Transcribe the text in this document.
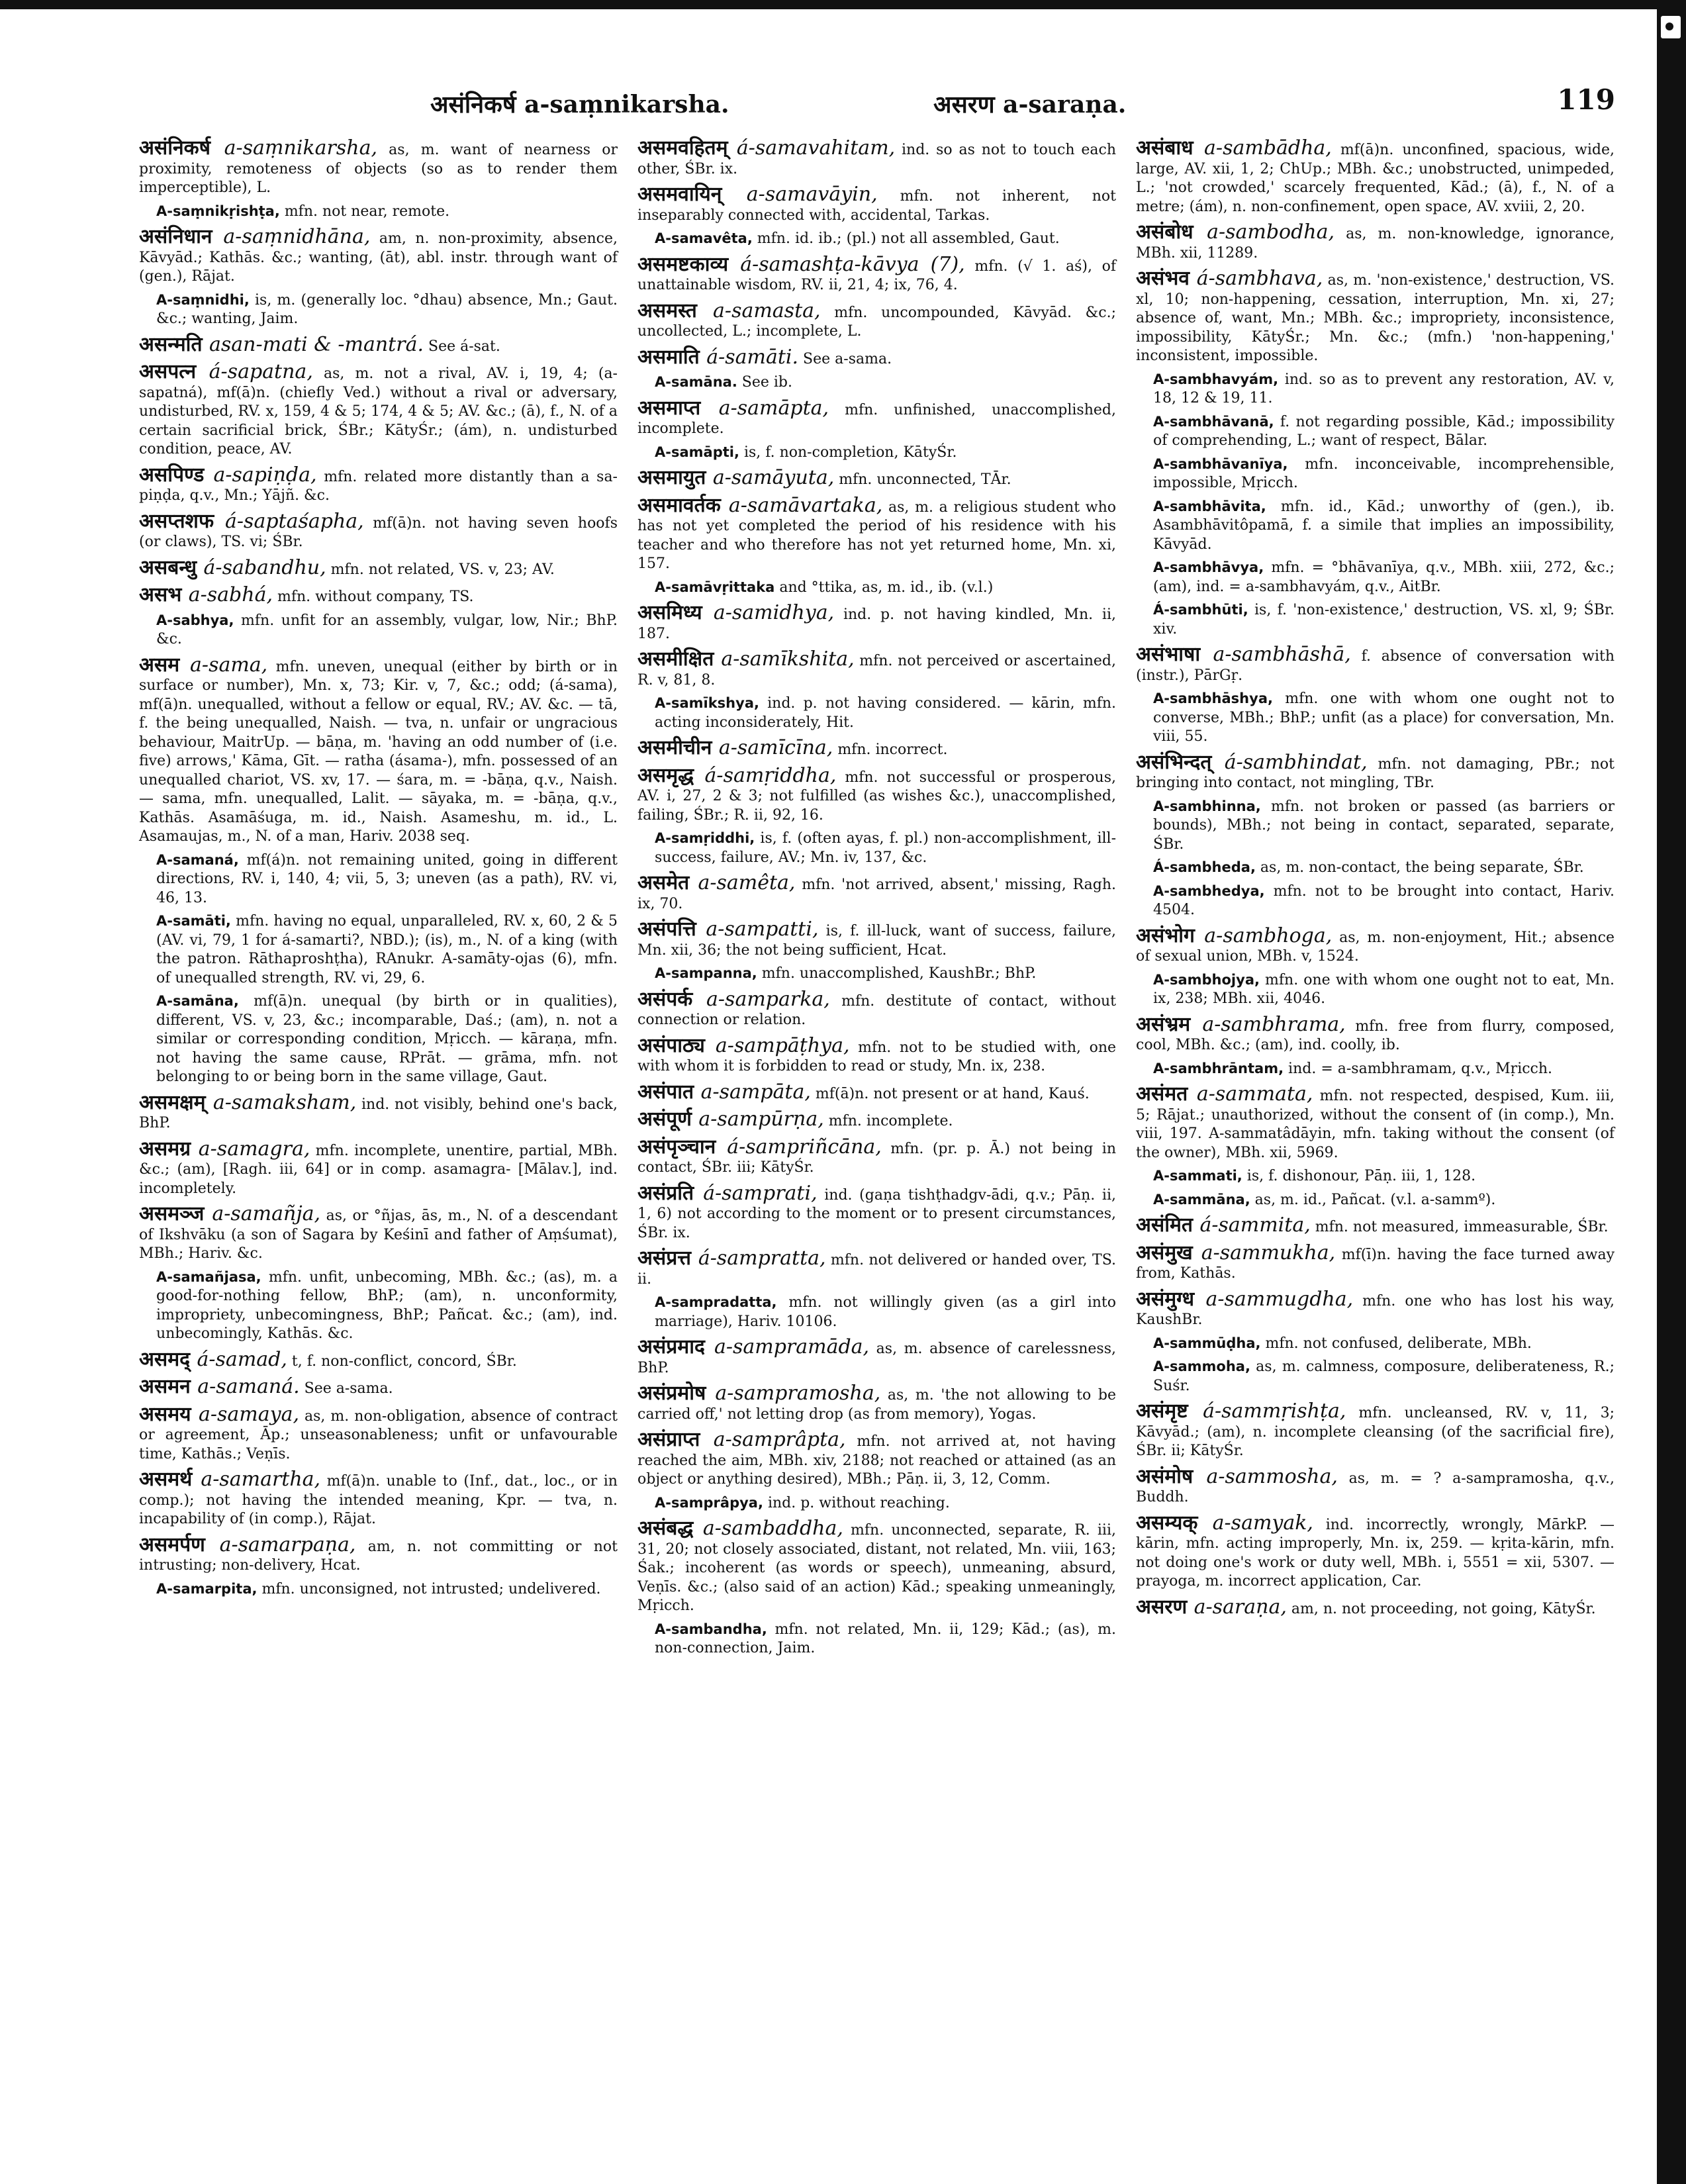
असंनिकर्ष a-saṃnikarsha.	असरण a-saraṇa.	119

असंनिकर्ष a-saṃnikarsha, as, m. want of nearness or proximity, remoteness of objects (so as to render them imperceptible), L.

A-saṃnikṛishṭa, mfn. not near, remote.

असंनिधान a-saṃnidhāna, am, n. non-proximity, absence, Kāvyād.; Kathās. &c.; wanting, (āt), abl. instr. through want of (gen.), Rājat.

A-saṃnidhi, is, m. (generally loc. °dhau) absence, Mn.; Gaut. &c.; wanting, Jaim.

असन्मति asan-mati & -mantrá. See á-sat.

असपत्न á-sapatna, as, m. not a rival, AV. i, 19, 4; (a-sapatná), mf(ā)n. (chiefly Ved.) without a rival or adversary, undisturbed, RV. x, 159, 4 & 5; 174, 4 & 5; AV. &c.; (ā), f., N. of a certain sacrificial brick, ŚBr.; KātyŚr.; (ám), n. undisturbed condition, peace, AV.

असपिण्ड a-sapiṇḍa, mfn. related more distantly than a sa-piṇḍa, q.v., Mn.; Yājñ. &c.

असप्तशफ á-saptaśapha, mf(ā)n. not having seven hoofs (or claws), TS. vi; ŚBr.

असबन्धु á-sabandhu, mfn. not related, VS. v, 23; AV.

असभ a-sabhá, mfn. without company, TS.

A-sabhya, mfn. unfit for an assembly, vulgar, low, Nir.; BhP. &c.

असम a-sama, mfn. uneven, unequal (either by birth or in surface or number), Mn. x, 73; Kir. v, 7, &c.; odd; (á-sama), mf(ā)n. unequalled, without a fellow or equal, RV.; AV. &c. — tā, f. the being unequalled, Naish. — tva, n. unfair or ungracious behaviour, MaitrUp. — bāṇa, m. 'having an odd number of (i.e. five) arrows,' Kāma, Gīt. — ratha (ásama-), mfn. possessed of an unequalled chariot, VS. xv, 17. — śara, m. = -bāṇa, q.v., Naish. — sama, mfn. unequalled, Lalit. — sāyaka, m. = -bāṇa, q.v., Kathās. Asamāśuga, m. id., Naish. Asameshu, m. id., L. Asamaujas, m., N. of a man, Hariv. 2038 seq.

A-samaná, mf(á)n. not remaining united, going in different directions, RV. i, 140, 4; vii, 5, 3; uneven (as a path), RV. vi, 46, 13.

A-samāti, mfn. having no equal, unparalleled, RV. x, 60, 2 & 5 (AV. vi, 79, 1 for á-samarti?, NBD.); (is), m., N. of a king (with the patron. Rāthaproshṭha), RAnukr. A-samāty-ojas (6), mfn. of unequalled strength, RV. vi, 29, 6.

A-samāna, mf(ā)n. unequal (by birth or in qualities), different, VS. v, 23, &c.; incomparable, Daś.; (am), n. not a similar or corresponding condition, Mṛicch. — kāraṇa, mfn. not having the same cause, RPrāt. — grāma, mfn. not belonging to or being born in the same village, Gaut.

असमक्षम् a-samaksham, ind. not visibly, behind one's back, BhP.

असमग्र a-samagra, mfn. incomplete, unentire, partial, MBh. &c.; (am), [Ragh. iii, 64] or in comp. asamagra- [Mālav.], ind. incompletely.

असमञ्ज a-samañja, as, or °ñjas, ās, m., N. of a descendant of Ikshvāku (a son of Sagara by Keśinī and father of Aṃśumat), MBh.; Hariv. &c.

A-samañjasa, mfn. unfit, unbecoming, MBh. &c.; (as), m. a good-for-nothing fellow, BhP.; (am), n. unconformity, impropriety, unbecomingness, BhP.; Pañcat. &c.; (am), ind. unbecomingly, Kathās. &c.

असमद् á-samad, t, f. non-conflict, concord, ŚBr.

असमन a-samaná. See a-sama.

असमय a-samaya, as, m. non-obligation, absence of contract or agreement, Āp.; unseasonableness; unfit or unfavourable time, Kathās.; Veṇīs.

असमर्थ a-samartha, mf(ā)n. unable to (Inf., dat., loc., or in comp.); not having the intended meaning, Kpr. — tva, n. incapability of (in comp.), Rājat.

असमर्पण a-samarpaṇa, am, n. not committing or not intrusting; non-delivery, Hcat.

A-samarpita, mfn. unconsigned, not intrusted; undelivered.

असमवहितम् á-samavahitam, ind. so as not to touch each other, ŚBr. ix.

असमवायिन् a-samavāyin, mfn. not inherent, not inseparably connected with, accidental, Tarkas.

A-samavêta, mfn. id. ib.; (pl.) not all assembled, Gaut.

असमष्टकाव्य á-samashṭa-kāvya (7), mfn. (√ 1. aś), of unattainable wisdom, RV. ii, 21, 4; ix, 76, 4.

असमस्त a-samasta, mfn. uncompounded, Kāvyād. &c.; uncollected, L.; incomplete, L.

असमाति á-samāti. See a-sama.

A-samāna. See ib.

असमाप्त a-samāpta, mfn. unfinished, unaccomplished, incomplete.

A-samāpti, is, f. non-completion, KātyŚr.

असमायुत a-samāyuta, mfn. unconnected, TĀr.

असमावर्तक a-samāvartaka, as, m. a religious student who has not yet completed the period of his residence with his teacher and who therefore has not yet returned home, Mn. xi, 157.

A-samāvṛittaka and °ttika, as, m. id., ib. (v.l.)

असमिध्य a-samidhya, ind. p. not having kindled, Mn. ii, 187.

असमीक्षित a-samīkshita, mfn. not perceived or ascertained, R. v, 81, 8.

A-samīkshya, ind. p. not having considered. — kārin, mfn. acting inconsiderately, Hit.

असमीचीन a-samīcīna, mfn. incorrect.

असमृद्ध á-samṛiddha, mfn. not successful or prosperous, AV. i, 27, 2 & 3; not fulfilled (as wishes &c.), unaccomplished, failing, ŚBr.; R. ii, 92, 16.

A-samṛiddhi, is, f. (often ayas, f. pl.) non-accomplishment, ill-success, failure, AV.; Mn. iv, 137, &c.

असमेत a-samêta, mfn. 'not arrived, absent,' missing, Ragh. ix, 70.

असंपत्ति a-sampatti, is, f. ill-luck, want of success, failure, Mn. xii, 36; the not being sufficient, Hcat.

A-sampanna, mfn. unaccomplished, KaushBr.; BhP.

असंपर्क a-samparka, mfn. destitute of contact, without connection or relation.

असंपाठ्य a-sampāṭhya, mfn. not to be studied with, one with whom it is forbidden to read or study, Mn. ix, 238.

असंपात a-sampāta, mf(ā)n. not present or at hand, Kauś.

असंपूर्ण a-sampūrṇa, mfn. incomplete.

असंपृञ्चान á-sampriñcāna, mfn. (pr. p. Ā.) not being in contact, ŚBr. iii; KātyŚr.

असंप्रति á-samprati, ind. (gaṇa tishṭhadgv-ādi, q.v.; Pāṇ. ii, 1, 6) not according to the moment or to present circumstances, ŚBr. ix.

असंप्रत्त á-sampratta, mfn. not delivered or handed over, TS. ii.

A-sampradatta, mfn. not willingly given (as a girl into marriage), Hariv. 10106.

असंप्रमाद a-sampramāda, as, m. absence of carelessness, BhP.

असंप्रमोष a-sampramosha, as, m. 'the not allowing to be carried off,' not letting drop (as from memory), Yogas.

असंप्राप्त a-samprâpta, mfn. not arrived at, not having reached the aim, MBh. xiv, 2188; not reached or attained (as an object or anything desired), MBh.; Pāṇ. ii, 3, 12, Comm.

A-samprâpya, ind. p. without reaching.

असंबद्ध a-sambaddha, mfn. unconnected, separate, R. iii, 31, 20; not closely associated, distant, not related, Mn. viii, 163; Śak.; incoherent (as words or speech), unmeaning, absurd, Veṇīs. &c.; (also said of an action) Kād.; speaking unmeaningly, Mṛicch.

A-sambandha, mfn. not related, Mn. ii, 129; Kād.; (as), m. non-connection, Jaim.

असंबाध a-sambādha, mf(ā)n. unconfined, spacious, wide, large, AV. xii, 1, 2; ChUp.; MBh. &c.; unobstructed, unimpeded, L.; 'not crowded,' scarcely frequented, Kād.; (ā), f., N. of a metre; (ám), n. non-confinement, open space, AV. xviii, 2, 20.

असंबोध a-sambodha, as, m. non-knowledge, ignorance, MBh. xii, 11289.

असंभव á-sambhava, as, m. 'non-existence,' destruction, VS. xl, 10; non-happening, cessation, interruption, Mn. xi, 27; absence of, want, Mn.; MBh. &c.; impropriety, inconsistence, impossibility, KātyŚr.; Mn. &c.; (mfn.) 'non-happening,' inconsistent, impossible.

A-sambhavyám, ind. so as to prevent any restoration, AV. v, 18, 12 & 19, 11.

A-sambhāvanā, f. not regarding possible, Kād.; impossibility of comprehending, L.; want of respect, Bālar.

A-sambhāvanīya, mfn. inconceivable, incomprehensible, impossible, Mṛicch.

A-sambhāvita, mfn. id., Kād.; unworthy of (gen.), ib. Asambhāvitôpamā, f. a simile that implies an impossibility, Kāvyād.

A-sambhāvya, mfn. = °bhāvanīya, q.v., MBh. xiii, 272, &c.; (am), ind. = a-sambhavyám, q.v., AitBr.

Á-sambhūti, is, f. 'non-existence,' destruction, VS. xl, 9; ŚBr. xiv.

असंभाषा a-sambhāshā, f. absence of conversation with (instr.), PārGṛ.

A-sambhāshya, mfn. one with whom one ought not to converse, MBh.; BhP.; unfit (as a place) for conversation, Mn. viii, 55.

असंभिन्दत् á-sambhindat, mfn. not damaging, PBr.; not bringing into contact, not mingling, TBr.

A-sambhinna, mfn. not broken or passed (as barriers or bounds), MBh.; not being in contact, separated, separate, ŚBr.

Á-sambheda, as, m. non-contact, the being separate, ŚBr.

A-sambhedya, mfn. not to be brought into contact, Hariv. 4504.

असंभोग a-sambhoga, as, m. non-enjoyment, Hit.; absence of sexual union, MBh. v, 1524.

A-sambhojya, mfn. one with whom one ought not to eat, Mn. ix, 238; MBh. xii, 4046.

असंभ्रम a-sambhrama, mfn. free from flurry, composed, cool, MBh. &c.; (am), ind. coolly, ib.

A-sambhrāntam, ind. = a-sambhramam, q.v., Mṛicch.

असंमत a-sammata, mfn. not respected, despised, Kum. iii, 5; Rājat.; unauthorized, without the consent of (in comp.), Mn. viii, 197. A-sammatâdāyin, mfn. taking without the consent (of the owner), MBh. xii, 5969.

A-sammati, is, f. dishonour, Pāṇ. iii, 1, 128.

A-sammāna, as, m. id., Pañcat. (v.l. a-sammº).

असंमित á-sammita, mfn. not measured, immeasurable, ŚBr.

असंमुख a-sammukha, mf(ī)n. having the face turned away from, Kathās.

असंमुग्ध a-sammugdha, mfn. one who has lost his way, KaushBr.

A-sammūḍha, mfn. not confused, deliberate, MBh.

A-sammoha, as, m. calmness, composure, deliberateness, R.; Suśr.

असंमृष्ट á-sammṛishṭa, mfn. uncleansed, RV. v, 11, 3; Kāvyād.; (am), n. incomplete cleansing (of the sacrificial fire), ŚBr. ii; KātyŚr.

असंमोष a-sammosha, as, m. = ? a-sampramosha, q.v., Buddh.

असम्यक् a-samyak, ind. incorrectly, wrongly, MārkP. — kārin, mfn. acting improperly, Mn. ix, 259. — kṛita-kārin, mfn. not doing one's work or duty well, MBh. i, 5551 = xii, 5307. — prayoga, m. incorrect application, Car.

असरण a-saraṇa, am, n. not proceeding, not going, KātyŚr.
